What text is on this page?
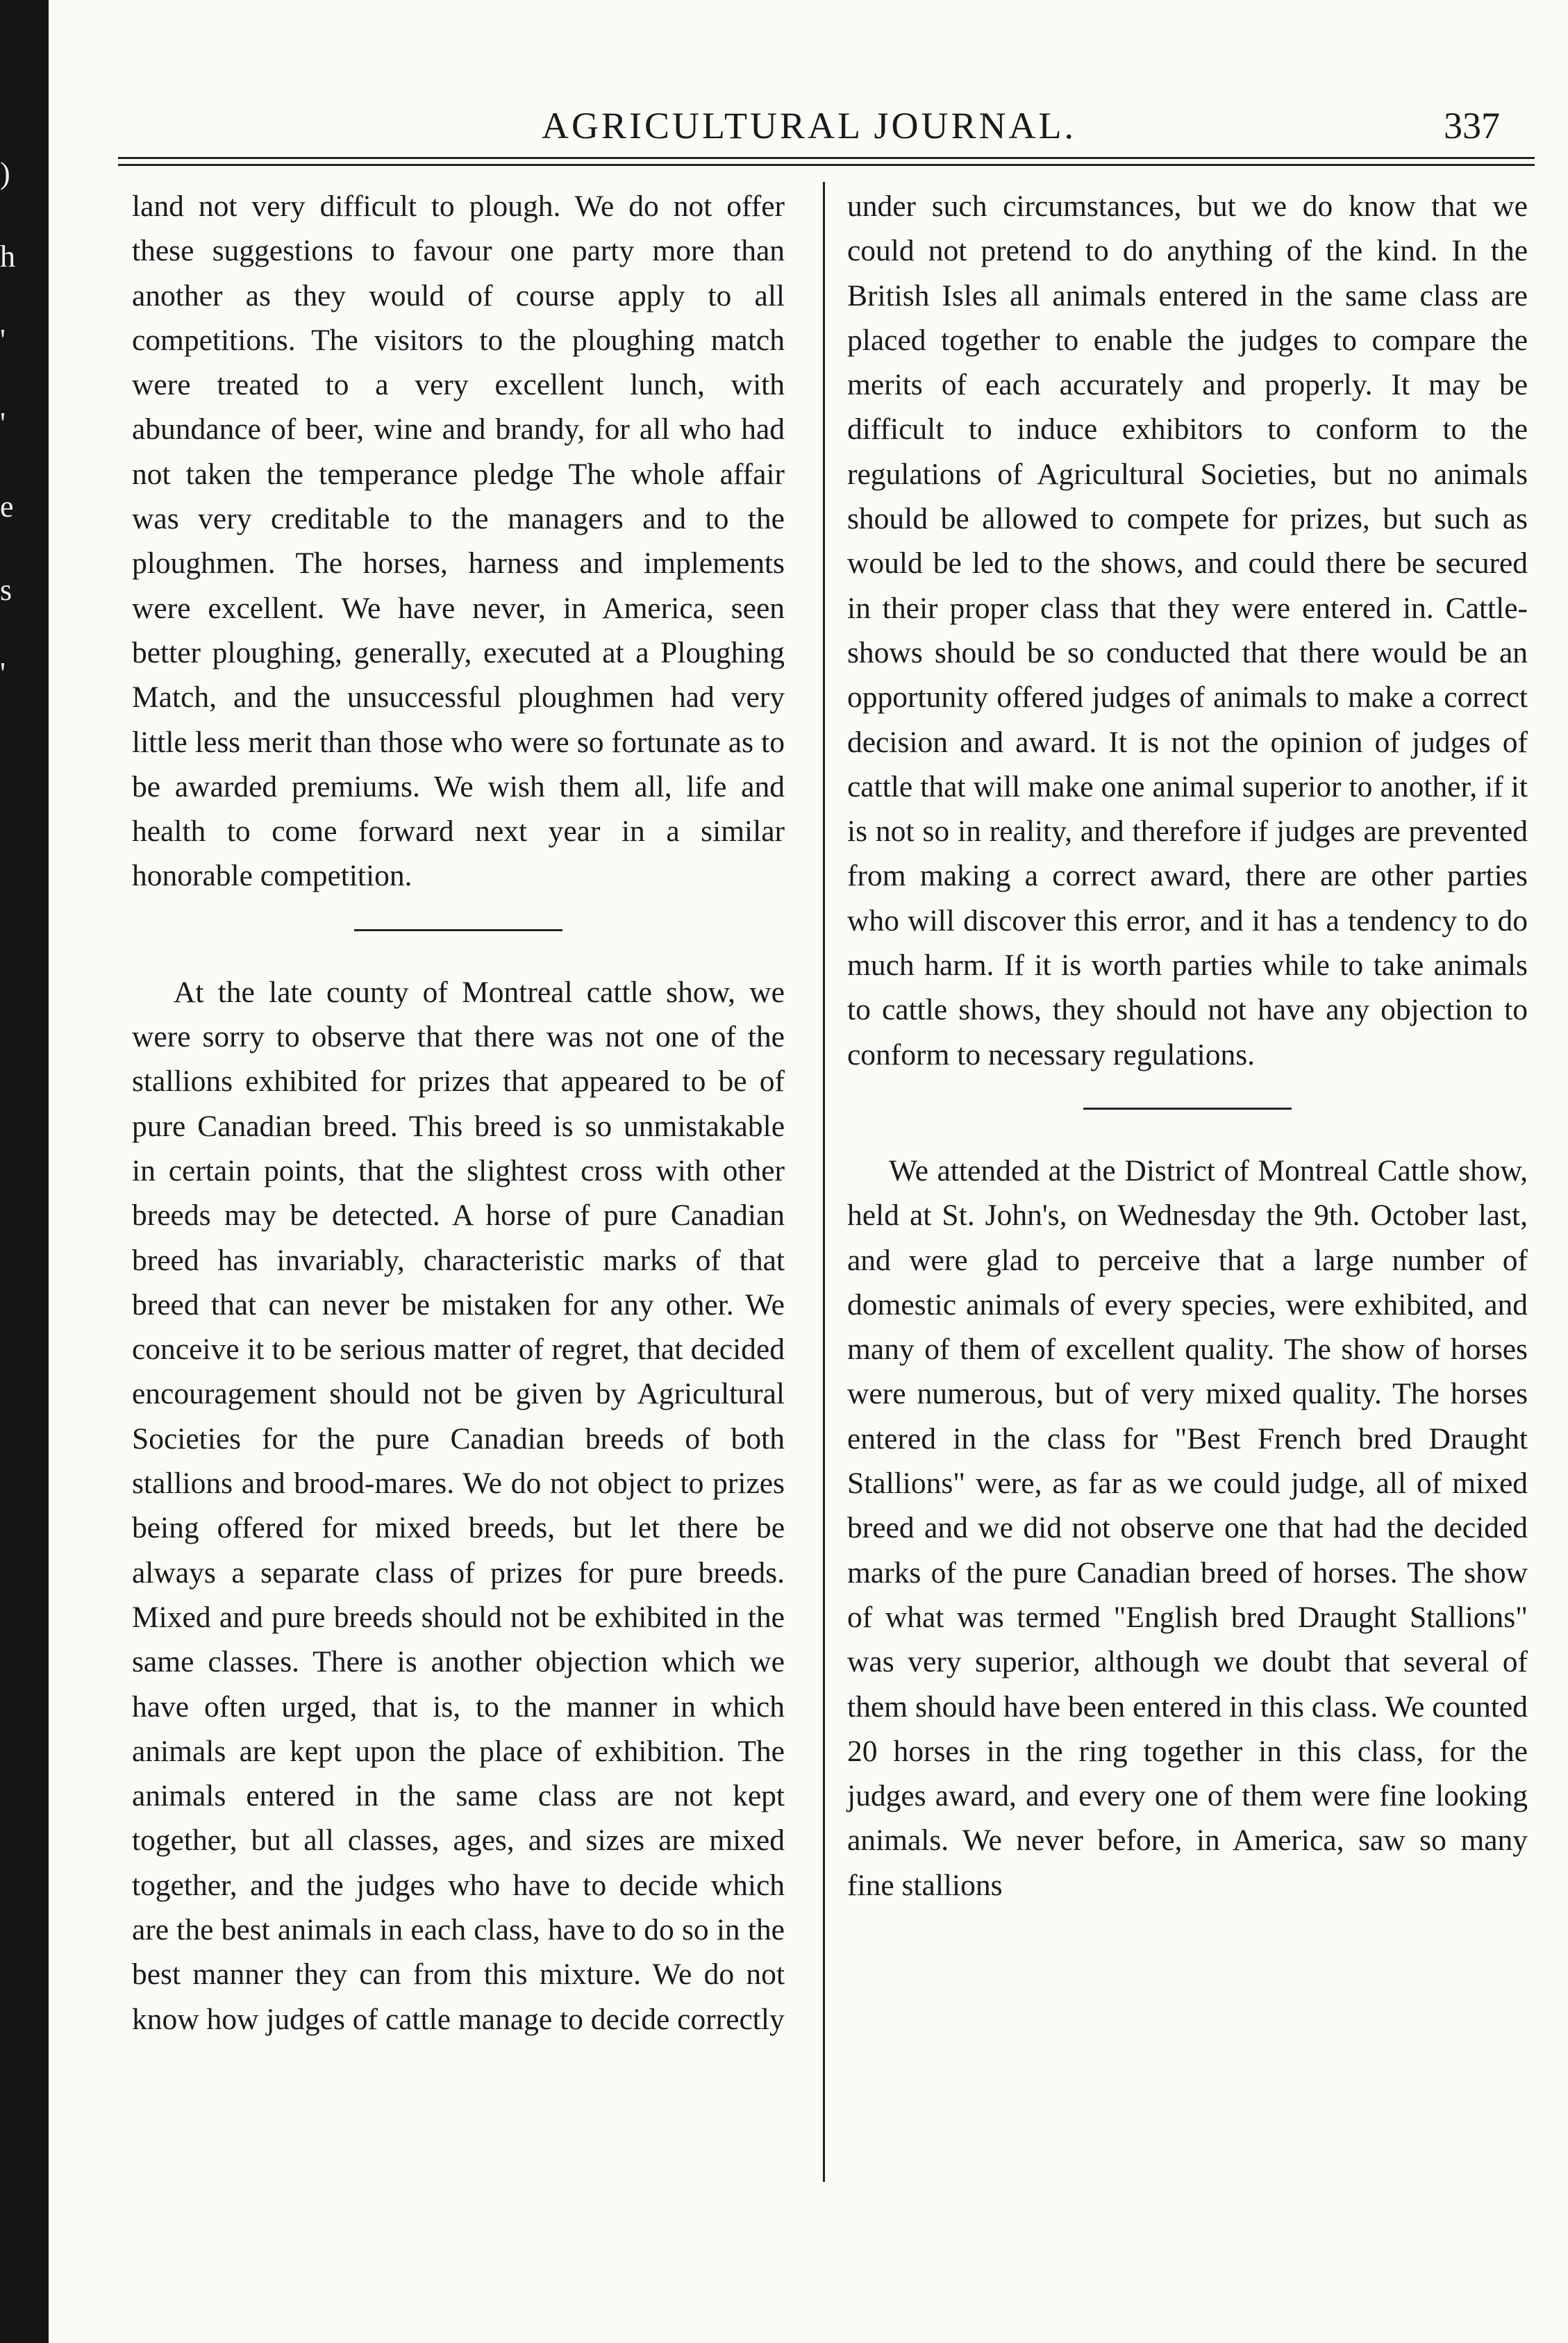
)
h
'
'
e
s
'
AGRICULTURAL JOURNAL.	337

land not very difficult to plough. We do not offer these suggestions to favour one party more than another as they would of course apply to all competitions. The visitors to the ploughing match were treated to a very excellent lunch, with abundance of beer, wine and brandy, for all who had not taken the temperance pledge The whole affair was very creditable to the managers and to the ploughmen. The horses, harness and implements were excellent. We have never, in America, seen better ploughing, generally, executed at a Ploughing Match, and the unsuccessful ploughmen had very little less merit than those who were so fortunate as to be awarded premiums. We wish them all, life and health to come forward next year in a similar honorable competition.

At the late county of Montreal cattle show, we were sorry to observe that there was not one of the stallions exhibited for prizes that appeared to be of pure Canadian breed. This breed is so unmistakable in certain points, that the slightest cross with other breeds may be detected. A horse of pure Canadian breed has invariably, characteristic marks of that breed that can never be mistaken for any other. We conceive it to be serious matter of regret, that decided encouragement should not be given by Agricultural Societies for the pure Canadian breeds of both stallions and brood-mares. We do not object to prizes being offered for mixed breeds, but let there be always a separate class of prizes for pure breeds. Mixed and pure breeds should not be exhibited in the same classes. There is another objection which we have often urged, that is, to the manner in which animals are kept upon the place of exhibition. The animals entered in the same class are not kept together, but all classes, ages, and sizes are mixed together, and the judges who have to decide which are the best animals in each class, have to do so in the best manner they can from this mixture. We do not know how judges of cattle manage to decide correctly

under such circumstances, but we do know that we could not pretend to do anything of the kind. In the British Isles all animals entered in the same class are placed together to enable the judges to compare the merits of each accurately and properly. It may be difficult to induce exhibitors to conform to the regulations of Agricultural Societies, but no animals should be allowed to compete for prizes, but such as would be led to the shows, and could there be secured in their proper class that they were entered in. Cattle-shows should be so conducted that there would be an opportunity offered judges of animals to make a correct decision and award. It is not the opinion of judges of cattle that will make one animal superior to another, if it is not so in reality, and therefore if judges are prevented from making a correct award, there are other parties who will discover this error, and it has a tendency to do much harm. If it is worth parties while to take animals to cattle shows, they should not have any objection to conform to necessary regulations.

We attended at the District of Montreal Cattle show, held at St. John's, on Wednesday the 9th. October last, and were glad to perceive that a large number of domestic animals of every species, were exhibited, and many of them of excellent quality. The show of horses were numerous, but of very mixed quality. The horses entered in the class for "Best French bred Draught Stallions" were, as far as we could judge, all of mixed breed and we did not observe one that had the decided marks of the pure Canadian breed of horses. The show of what was termed "English bred Draught Stallions" was very superior, although we doubt that several of them should have been entered in this class. We counted 20 horses in the ring together in this class, for the judges award, and every one of them were fine looking animals. We never before, in America, saw so many fine stallions
